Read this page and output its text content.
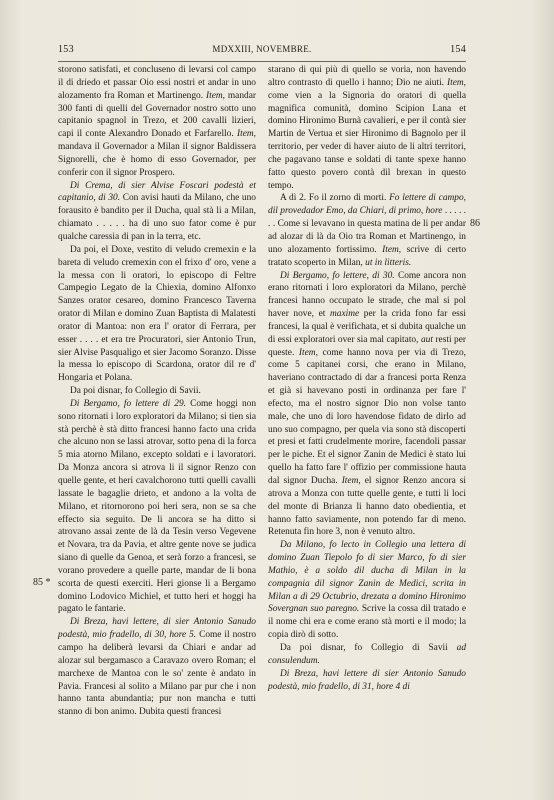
153	MDXXIII, NOVEMBRE.	154
85 *
86

storono satisfati, et concluseno di levarsi col campo il di driedo et passar Oio essi nostri et andar in uno alozamento fra Roman et Martinengo. Item, mandar 300 fanti di quelli del Governador nostro sotto uno capitanio spagnol in Trezo, et 200 cavalli lizieri, capi il conte Alexandro Donado et Farfarello. Item, mandava il Governador a Milan il signor Baldissera Signorelli, che è homo di esso Governador, per conferir con il signor Prospero.

Di Crema, di sier Alvise Foscari podestà et capitanio, di 30. Con avisi hauti da Milano, che uno forausito è bandito per il Ducha, qual stà li a Milan, chiamato . . . . . ha di uno suo fator come è pur qualche caressia di pan in la terra, etc.

Da poi, el Doxe, vestito di veludo cremexin e la bareta di veludo cremexin con el frixo d' oro, vene a la messa con li oratori, lo episcopo di Feltre Campegio Legato de la Chiexia, domino Alfonxo Sanzes orator cesareo, domino Francesco Taverna orator di Milan e domino Zuan Baptista di Malatesti orator di Mantoa: non era l' orator di Ferrara, per esser . . . . et era tre Procuratori, sier Antonio Trun, sier Alvise Pasqualigo et sier Jacomo Soranzo. Disse la messa lo episcopo di Scardona, orator dil re d' Hongaria et Polana.

Da poi disnar, fo Collegio di Savii.

Di Bergamo, fo lettere di 29. Come hoggi non sono ritornati i loro exploratori da Milano; si tien sia stà perchè è stà ditto francesi hanno facto una crida che alcuno non se lassi atrovar, sotto pena di la forca 5 mia atorno Milano, excepto soldati e i lavoratori. Da Monza ancora si atrova li il signor Renzo con quelle gente, et heri cavalchorono tutti quelli cavalli lassate le bagaglie drieto, et andono a la volta de Milano, et ritornorono poi heri sera, non se sa che effecto sia seguito. De li ancora se ha ditto si atrovano assai zente de là da Tesin verso Vegevene et Novara, tra da Pavia, et altre gente nove se judica siano di quelle da Genoa, et serà forzo a francesi, se vorano provedere a quelle parte, mandar de li bona scorta de questi exerciti. Heri gionse li a Bergamo domino Lodovico Michiel, et tutto heri et hoggi ha pagato le fantarie.

Di Breza, havi lettere, di sier Antonio Sanudo podestà, mio fradello, di 30, hore 5. Come il nostro campo ha deliberà levarsi da Chiari e andar ad alozar sul bergamasco a Caravazo overo Roman; el marchexe de Mantoa con le so' zente è andato in Pavia. Francesi al solito a Milano par pur che i non hanno tanta abundantia; pur non mancha e tutti stanno di bon animo. Dubita questi francesi

starano di qui più di quello se voria, non havendo altro contrasto di quello i hanno; Dio ne aiuti. Item, come vien a la Signoria do oratori di quella magnifica comunità, domino Scipion Lana et domino Hironimo Burnà cavalieri, e per il contà sier Martin de Vertua et sier Hironimo di Bagnolo per il territorio, per veder di haver aiuto de li altri territori, che pagavano tanse e soldati di tante spexe hanno fatto questo povero contà dil brexan in questo tempo.

A dì 2. Fo il zorno di morti. Fo lettere di campo, dil provedador Emo, da Chiari, di primo, hore . . . . . . . Come si levavano in questa matina de li per andar ad alozar di là da Oio tra Roman et Martinengo, in uno alozamento fortissimo. Item, scrive di certo tratato scoperto in Milan, ut in litteris.

Di Bergamo, fo lettere, di 30. Come ancora non erano ritornati i loro exploratori da Milano, perchè francesi hanno occupato le strade, che mal si pol haver nove, et maxime per la crida fono far essi francesi, la qual è verifichata, et si dubita qualche un di essi exploratori over sia mal capitato, aut resti per queste. Item, come hanno nova per via di Trezo, come 5 capitanei corsi, che erano in Milano, haveriano contractado di dar a francesi porta Renza et già si havevano posti in ordinanza per fare l' efecto, ma el nostro signor Dio non volse tanto male, che uno di loro havendose fidato de dirlo ad uno suo compagno, per quela via sono stà discoperti et presi et fatti crudelmente morire, facendoli passar per le piche. Et el signor Zanin de Medici è stato lui quello ha fatto fare l' offizio per commissione hauta dal signor Ducha. Item, el signor Renzo ancora si atrova a Monza con tutte quelle gente, e tutti li loci del monte di Brianza li hanno dato obedientia, et hanno fatto saviamente, non potendo far di meno. Retenuta fin hore 3, non è venuto altro.

Da Milano, fo lecto in Collegio una lettera di domino Zuan Tiepolo fo di sier Marco, fo di sier Mathio, è a soldo dil ducha di Milan in la compagnia dil signor Zanin de Medici, scrita in Milan a dì 29 Octubrio, drezata a domino Hironimo Sovergnan suo paregno. Scrive la cossa dil tratado e il nome chi era e come erano stà morti e il modo; la copia dirò di sotto.

Da poi disnar, fo Collegio di Savii ad consulendum.

Di Breza, havi lettere di sier Antonio Sanudo podestà, mio fradello, di 31, hore 4 di
